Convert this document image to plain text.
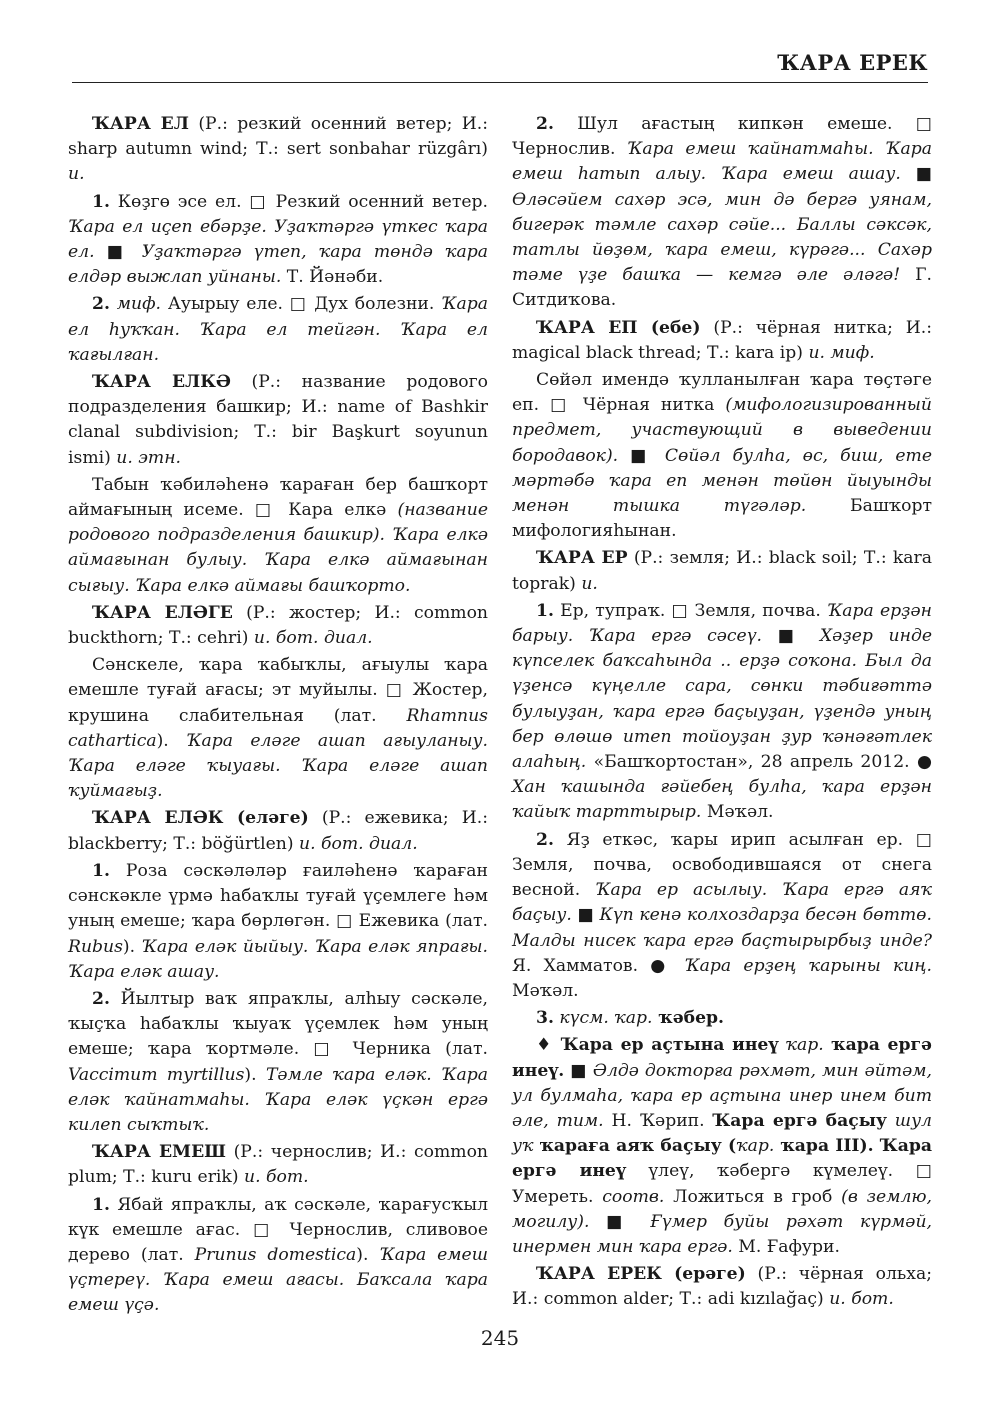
ҠАРА ЕРЕК

ҠАРА ЕЛ (Р.: резкий осенний ветер; И.: sharp autumn wind; Т.: sert sonbahar rüzgârı) и.

1. Көҙгө эсе ел. □ Резкий осенний ветер. Ҡара ел иҫеп ебәрҙе. Уҙаҡтәргә үткес ҡара ел. ■ Уҙаҡтәргә үтеп, ҡара төндә ҡара елдәр выжлап уйнаны. Т. Йәнәби.

2. миф. Ауырыу еле. □ Дух болезни. Ҡара ел һуҡҡан. Ҡара ел тейгән. Ҡара ел ҡағылған.

ҠАРА ЕЛКӘ (Р.: название родового подразделения башкир; И.: name of Bashkir clanal subdivision; Т.: bir Başkurt soyunun ismi) и. этн.

Табын ҡәбиләһенә ҡараған бер башҡорт аймағының исеме. □ Кара елкә (название родового подразделения башкир). Ҡара елкә аймағынан булыу. Ҡара елкә аймағынан сығыу. Ҡара елкә аймағы башҡорто.

ҠАРА ЕЛӘГЕ (Р.: жостер; И.: common buckthorn; Т.: cehri) и. бот. диал.

Сәнскеле, ҡара ҡабыҡлы, ағыулы ҡара емешле туғай ағасы; эт муйылы. □ Жостер, крушина слабительная (лат. Rhamnus cathartica). Ҡара еләге ашап ағыуланыу. Ҡара еләге ҡыуағы. Ҡара еләге ашап ҡуймағыҙ.

ҠАРА ЕЛӘК (еләге) (Р.: ежевика; И.: blackberry; Т.: böğürtlen) и. бот. диал.

1. Роза сәскәләләр ғаиләһенә ҡараған сәнскәкле үрмә һабаҡлы туғай үҫемлеге һәм уның емеше; ҡара бөрлөгән. □ Ежевика (лат. Rubus). Ҡара еләк йыйыу. Ҡара еләк япрағы. Ҡара еләк ашау.

2. Йылтыр ваҡ япраҡлы, алһыу сәскәле, ҡыҫҡа һабаҡлы ҡыуаҡ үҫемлек һәм уның емеше; ҡара ҡортмәле. □ Черника (лат. Vaccimum myrtillus). Тәмле ҡара еләк. Ҡара еләк ҡайнатмаһы. Ҡара еләк үҫкән ергә килеп сыҡтыҡ.

ҠАРА ЕМЕШ (Р.: чернослив; И.: common plum; Т.: kuru erik) и. бот.

1. Ябай япраҡлы, аҡ сәскәле, ҡарағусҡыл күк емешле ағас. □ Чернослив, сливовое дерево (лат. Prunus domestica). Ҡара емеш үҫтереү. Ҡара емеш ағасы. Баҡсала ҡара емеш үҫә.

2. Шул ағастың кипкән емеше. □ Чернослив. Ҡара емеш ҡайнатмаһы. Ҡара емеш һатып алыу. Ҡара емеш ашау. ■ Өләсәйем сахәр эсә, мин дә бергә уянам, бигерәк тәмле сахәр сәйе... Баллы сәксәк, татлы йөҙөм, ҡара емеш, күрәгә... Сахәр тәме үҙе башҡа — кемгә әле әләгә! Г. Ситдиҡова.

ҠАРА ЕП (ебе) (Р.: чёрная нитка; И.: magical black thread; Т.: kara ip) и. миф.

Сөйәл имендә ҡулланылған ҡара төҫтәге еп. □ Чёрная нитка (мифологизированный предмет, участвующий в выведении бородавок). ■ Сөйәл булһа, өс, биш, ете мәртәбә ҡара еп менән төйөн йыуынды менән тышка түгәләр. Башҡорт мифологияһынан.

ҠАРА ЕР (Р.: земля; И.: black soil; Т.: kara toprak) и.

1. Ер, тупраҡ. □ Земля, почва. Ҡара ерҙән барыу. Ҡара ергә сәсеү. ■ Хәҙер инде күпселек баҡсаһында .. ерҙә соҡона. Был да үҙенсә күңелле сара, сөнки тәбиғәттә булыуҙан, ҡара ергә баҫыуҙан, үҙендә уның бер өлөшө итеп тойоуҙан ҙур ҡәнәғәтлек алаһың. «Башҡортостан», 28 апрель 2012. ● Хан ҡашында ғәйебең булһа, ҡара ерҙән ҡайыҡ тарттырыр. Мәҡәл.

2. Яҙ еткәс, ҡары ирип асылған ер. □ Земля, почва, освободившаяся от снега весной. Ҡара ер асылыу. Ҡара ергә аяҡ баҫыу. ■ Күп кенә колхоздарҙа бесән бөттө. Малды нисек ҡара ергә баҫтырырбыҙ инде? Я. Хамматов. ● Ҡара ерҙең ҡарыны киң. Мәҡәл.

3. күсм. ҡар. ҡәбер.

♦ Ҡара ер аҫтына инеү ҡар. ҡара ергә инеү. ■ Әлдә докторға рәхмәт, мин әйтәм, ул булмаһа, ҡара ер аҫтына инер инем бит әле, тим. Н. Ҡәрип. Ҡара ергә баҫыу шул уҡ ҡараға аяҡ баҫыу (ҡар. ҡара III). Ҡара ергә инеү үлеү, ҡәбергә күмелеү. □ Умереть. соотв. Ложиться в гроб (в землю, могилу). ■ Ғүмер буйы рәхәт күрмәй, инермен мин ҡара ергә. М. Ғафури.

ҠАРА ЕРЕК (ерәге) (Р.: чёрная ольха; И.: common alder; Т.: adi kızılağaç) и. бот.

245
